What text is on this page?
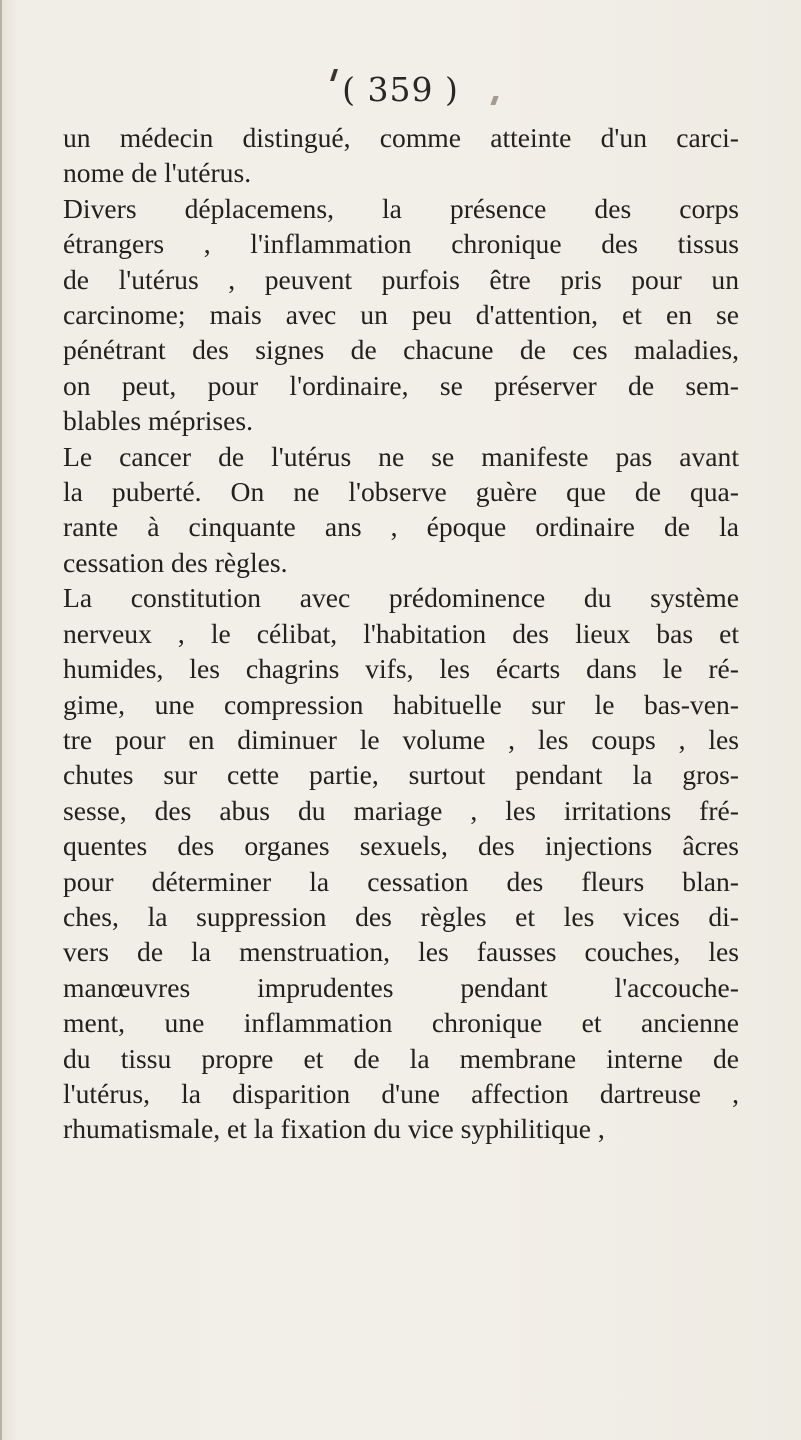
( 359 )
un médecin distingué, comme atteinte d'un carci-
nome de l'utérus.
Divers déplacemens, la présence des corps
étrangers , l'inflammation chronique des tissus
de l'utérus , peuvent purfois être pris pour un
carcinome; mais avec un peu d'attention, et en se
pénétrant des signes de chacune de ces maladies,
on peut, pour l'ordinaire, se préserver de sem-
blables méprises.
Le cancer de l'utérus ne se manifeste pas avant
la puberté. On ne l'observe guère que de qua-
rante à cinquante ans , époque ordinaire de la
cessation des règles.
La constitution avec prédominence du système
nerveux , le célibat, l'habitation des lieux bas et
humides, les chagrins vifs, les écarts dans le ré-
gime, une compression habituelle sur le bas-ven-
tre pour en diminuer le volume , les coups , les
chutes sur cette partie, surtout pendant la gros-
sesse, des abus du mariage , les irritations fré-
quentes des organes sexuels, des injections âcres
pour déterminer la cessation des fleurs blan-
ches, la suppression des règles et les vices di-
vers de la menstruation, les fausses couches, les
manœuvres imprudentes pendant l'accouche-
ment, une inflammation chronique et ancienne
du tissu propre et de la membrane interne de
l'utérus, la disparition d'une affection dartreuse ,
rhumatismale, et la fixation du vice syphilitique ,
